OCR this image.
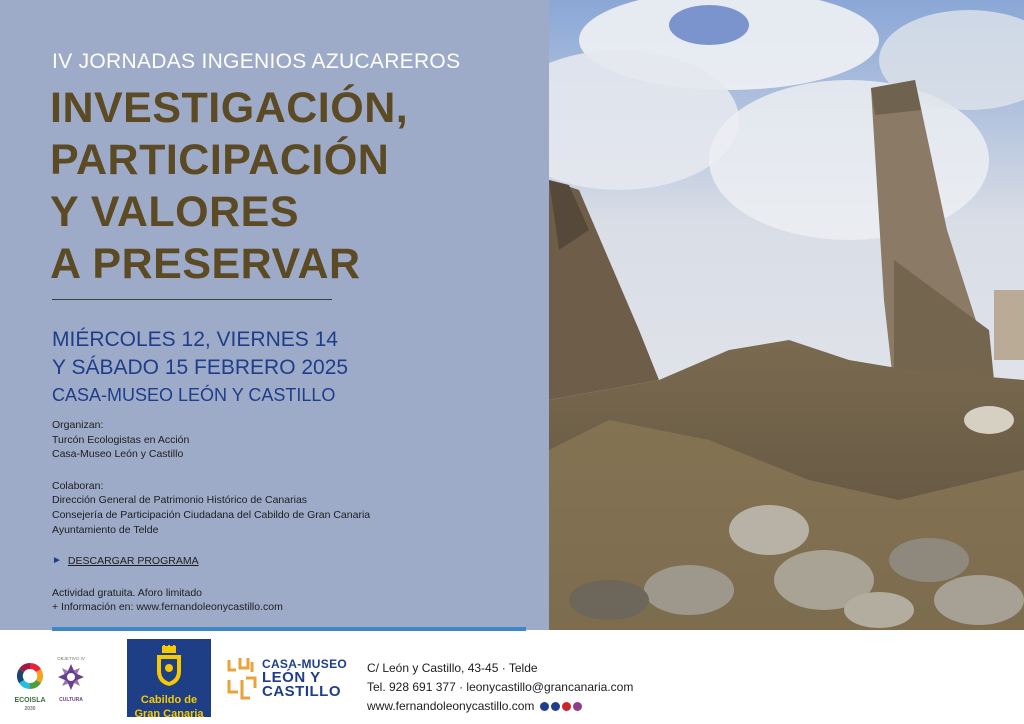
IV JORNADAS INGENIOS AZUCAREROS
INVESTIGACIÓN,
PARTICIPACIÓN
Y VALORES
A PRESERVAR
MIÉRCOLES 12, VIERNES 14
Y SÁBADO 15 FEBRERO 2025
CASA-MUSEO LEÓN Y CASTILLO
Organizan:
Turcón Ecologistas en Acción
Casa-Museo León y Castillo
Colaboran:
Dirección General de Patrimonio Histórico de Canarias
Consejería de Participación Ciudadana del Cabildo de Gran Canaria
Ayuntamiento de Telde
► DESCARGAR PROGRAMA
Actividad gratuita. Aforo limitado
+ Información en: www.fernandoleonycastillo.com
ECOISLA
2030
OBJETIVO IV
CULTURA	Cabildo de
Gran Canaria
CASA-MUSEO
LEÓN Y
CASTILLO
C/ León y Castillo, 43-45 · Telde
Tel. 928 691 377 · leonycastillo@grancanaria.com
www.fernandoleonycastillo.com
